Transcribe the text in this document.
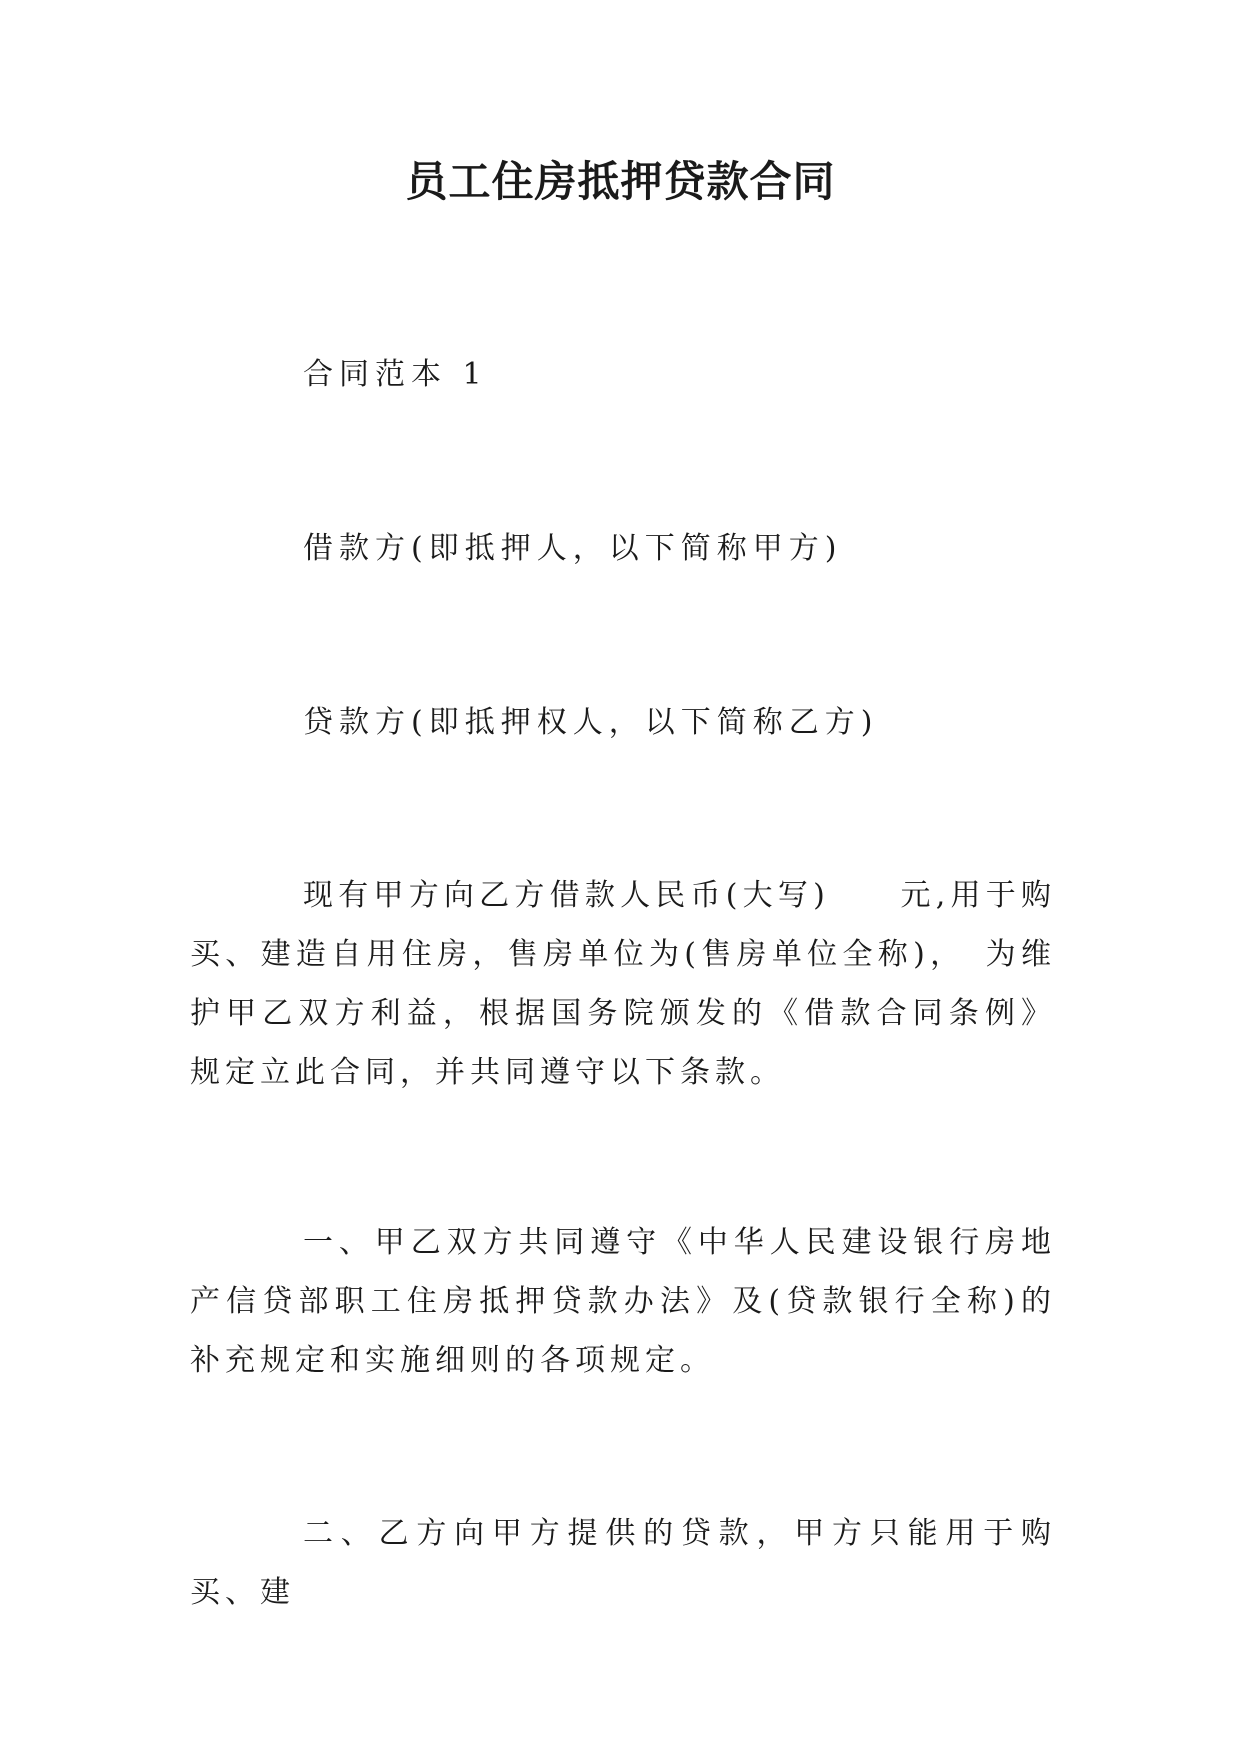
员工住房抵押贷款合同

合同范本 1

借款方(即抵押人，以下简称甲方)

贷款方(即抵押权人，以下简称乙方)

现有甲方向乙方借款人民币(大写)　　元,用于购买、建造自用住房，售房单位为(售房单位全称)，　为维护甲乙双方利益，根据国务院颁发的《借款合同条例》规定立此合同，并共同遵守以下条款。

一、甲乙双方共同遵守《中华人民建设银行房地产信贷部职工住房抵押贷款办法》及(贷款银行全称)的补充规定和实施细则的各项规定。

二、乙方向甲方提供的贷款，甲方只能用于购买、建
